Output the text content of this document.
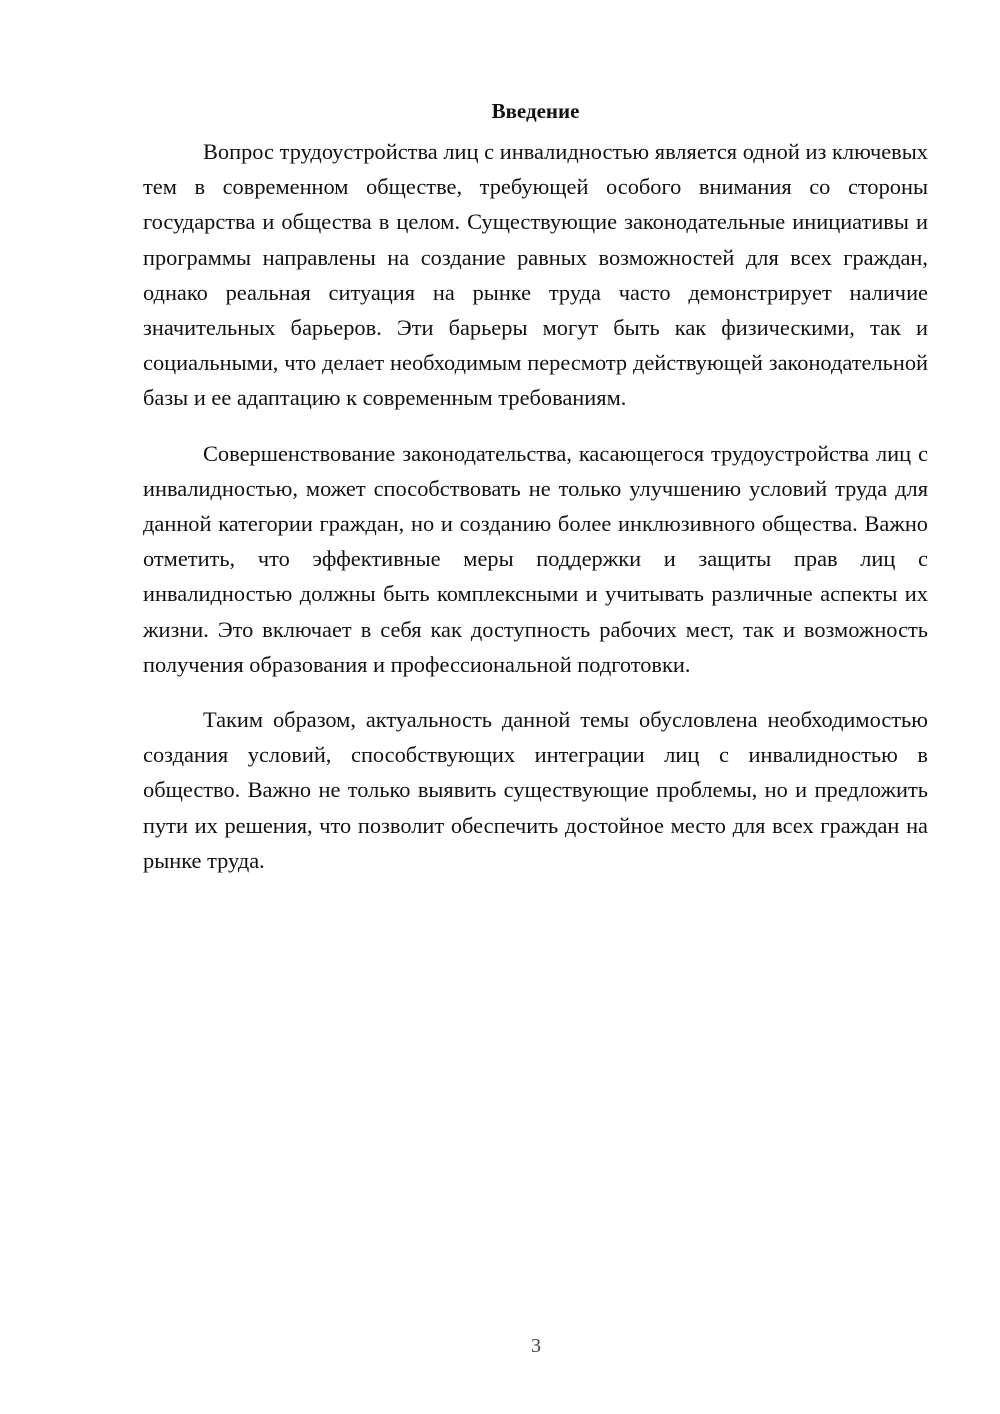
Введение

Вопрос трудоустройства лиц с инвалидностью является одной из ключевых тем в современном обществе, требующей особого внимания со стороны государства и общества в целом. Существующие законодательные инициативы и программы направлены на создание равных возможностей для всех граждан, однако реальная ситуация на рынке труда часто демонстрирует наличие значительных барьеров. Эти барьеры могут быть как физическими, так и социальными, что делает необходимым пересмотр действующей законодательной базы и ее адаптацию к современным требованиям.

Совершенствование законодательства, касающегося трудоустройства лиц с инвалидностью, может способствовать не только улучшению условий труда для данной категории граждан, но и созданию более инклюзивного общества. Важно отметить, что эффективные меры поддержки и защиты прав лиц с инвалидностью должны быть комплексными и учитывать различные аспекты их жизни. Это включает в себя как доступность рабочих мест, так и возможность получения образования и профессиональной подготовки.

Таким образом, актуальность данной темы обусловлена необходимостью создания условий, способствующих интеграции лиц с инвалидностью в общество. Важно не только выявить существующие проблемы, но и предложить пути их решения, что позволит обеспечить достойное место для всех граждан на рынке труда.

3
